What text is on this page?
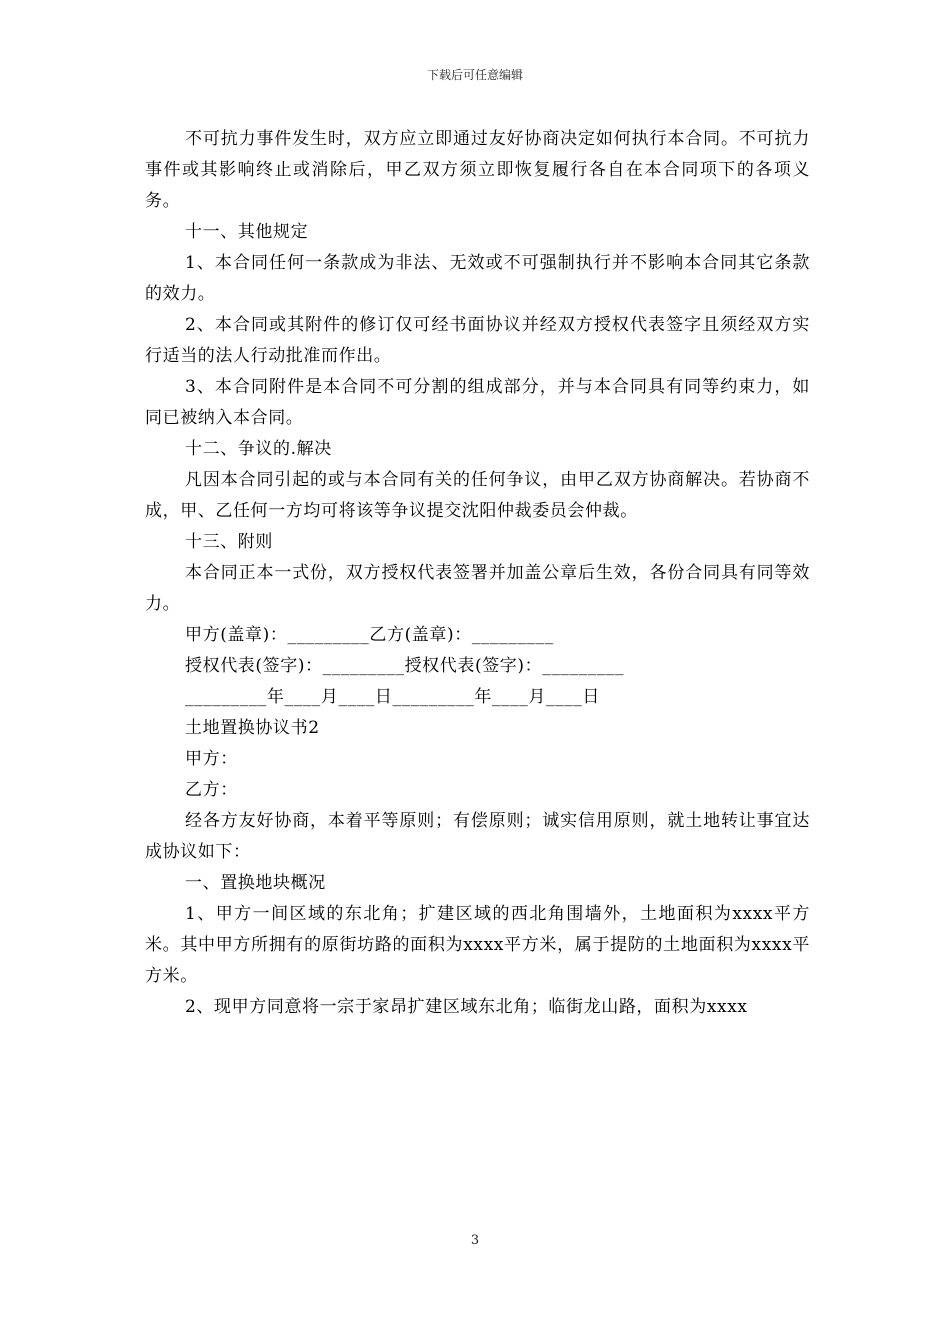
下载后可任意编辑

不可抗力事件发生时，双方应立即通过友好协商决定如何执行本合同。不可抗力事件或其影响终止或消除后，甲乙双方须立即恢复履行各自在本合同项下的各项义务。

十一、其他规定

1、本合同任何一条款成为非法、无效或不可强制执行并不影响本合同其它条款的效力。

2、本合同或其附件的修订仅可经书面协议并经双方授权代表签字且须经双方实行适当的法人行动批准而作出。

3、本合同附件是本合同不可分割的组成部分，并与本合同具有同等约束力，如同已被纳入本合同。

十二、争议的.解决

凡因本合同引起的或与本合同有关的任何争议，由甲乙双方协商解决。若协商不成，甲、乙任何一方均可将该等争议提交沈阳仲裁委员会仲裁。

十三、附则

本合同正本一式份，双方授权代表签署并加盖公章后生效，各份合同具有同等效力。

甲方(盖章)：_________乙方(盖章)：_________

授权代表(签字)：_________授权代表(签字)：_________

_________年____月____日_________年____月____日

土地置换协议书2

甲方：

乙方：

经各方友好协商，本着平等原则；有偿原则；诚实信用原则，就土地转让事宜达成协议如下：

一、置换地块概况

1、甲方一间区域的东北角；扩建区域的西北角围墙外，土地面积为xxxx平方米。其中甲方所拥有的原街坊路的面积为xxxx平方米，属于提防的土地面积为xxxx平方米。

2、现甲方同意将一宗于家昂扩建区域东北角；临街龙山路，面积为xxxx

3
